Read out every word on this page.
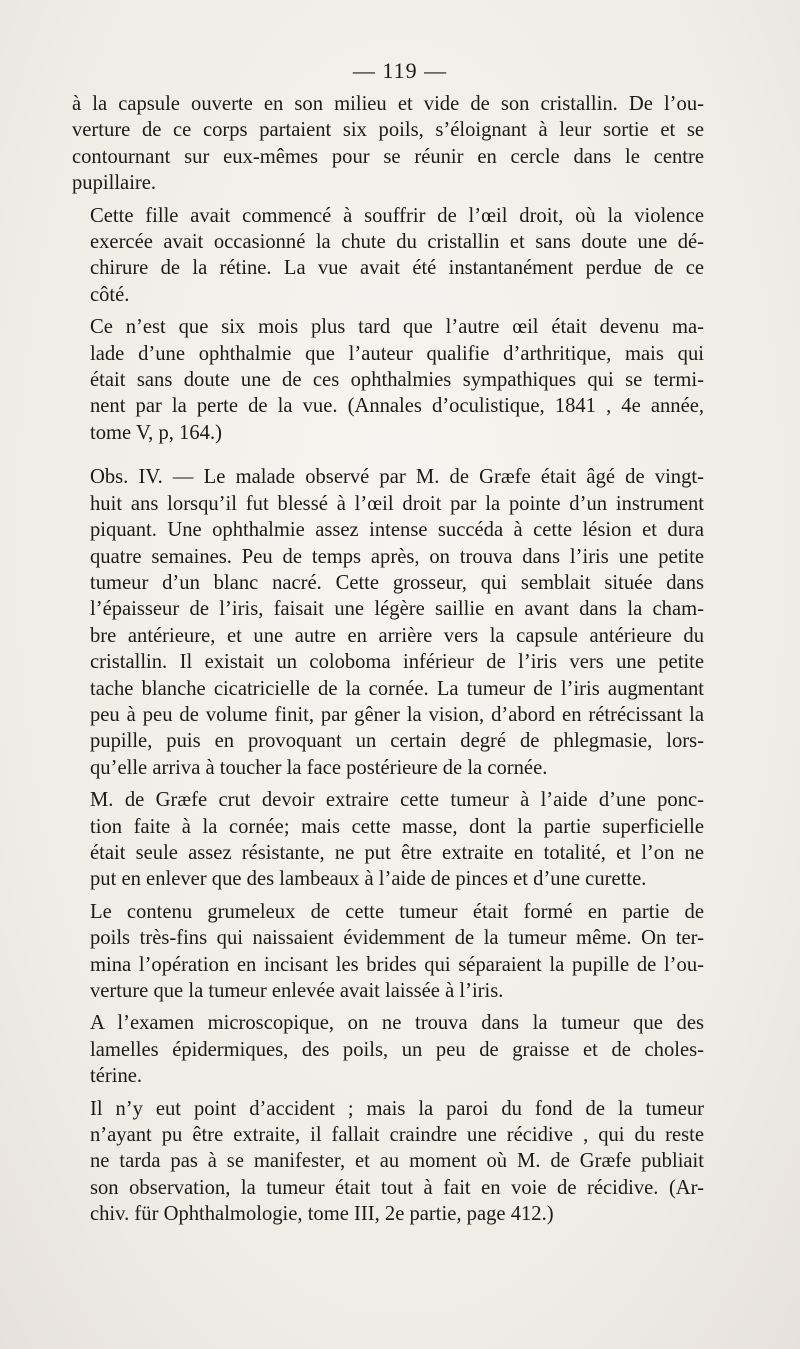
— 119 —

à la capsule ouverte en son milieu et vide de son cristallin. De l’ou-
verture de ce corps partaient six poils, s’éloignant à leur sortie et se
contournant sur eux-mêmes pour se réunir en cercle dans le centre
pupillaire.

Cette fille avait commencé à souffrir de l’œil droit, où la violence
exercée avait occasionné la chute du cristallin et sans doute une dé-
chirure de la rétine. La vue avait été instantanément perdue de ce
côté.

Ce n’est que six mois plus tard que l’autre œil était devenu ma-
lade d’une ophthalmie que l’auteur qualifie d’arthritique, mais qui
était sans doute une de ces ophthalmies sympathiques qui se termi-
nent par la perte de la vue. (Annales d’oculistique, 1841 , 4e année,
tome V, p, 164.)

Obs. IV. — Le malade observé par M. de Græfe était âgé de vingt-
huit ans lorsqu’il fut blessé à l’œil droit par la pointe d’un instrument
piquant. Une ophthalmie assez intense succéda à cette lésion et dura
quatre semaines. Peu de temps après, on trouva dans l’iris une petite
tumeur d’un blanc nacré. Cette grosseur, qui semblait située dans
l’épaisseur de l’iris, faisait une légère saillie en avant dans la cham-
bre antérieure, et une autre en arrière vers la capsule antérieure du
cristallin. Il existait un coloboma inférieur de l’iris vers une petite
tache blanche cicatricielle de la cornée. La tumeur de l’iris augmentant
peu à peu de volume finit, par gêner la vision, d’abord en rétrécissant la
pupille, puis en provoquant un certain degré de phlegmasie, lors-
qu’elle arriva à toucher la face postérieure de la cornée.

M. de Græfe crut devoir extraire cette tumeur à l’aide d’une ponc-
tion faite à la cornée; mais cette masse, dont la partie superficielle
était seule assez résistante, ne put être extraite en totalité, et l’on ne
put en enlever que des lambeaux à l’aide de pinces et d’une curette.

Le contenu grumeleux de cette tumeur était formé en partie de
poils très-fins qui naissaient évidemment de la tumeur même. On ter-
mina l’opération en incisant les brides qui séparaient la pupille de l’ou-
verture que la tumeur enlevée avait laissée à l’iris.

A l’examen microscopique, on ne trouva dans la tumeur que des
lamelles épidermiques, des poils, un peu de graisse et de choles-
térine.

Il n’y eut point d’accident ; mais la paroi du fond de la tumeur
n’ayant pu être extraite, il fallait craindre une récidive , qui du reste
ne tarda pas à se manifester, et au moment où M. de Græfe publiait
son observation, la tumeur était tout à fait en voie de récidive. (Ar-
chiv. für Ophthalmologie, tome III, 2e partie, page 412.)
